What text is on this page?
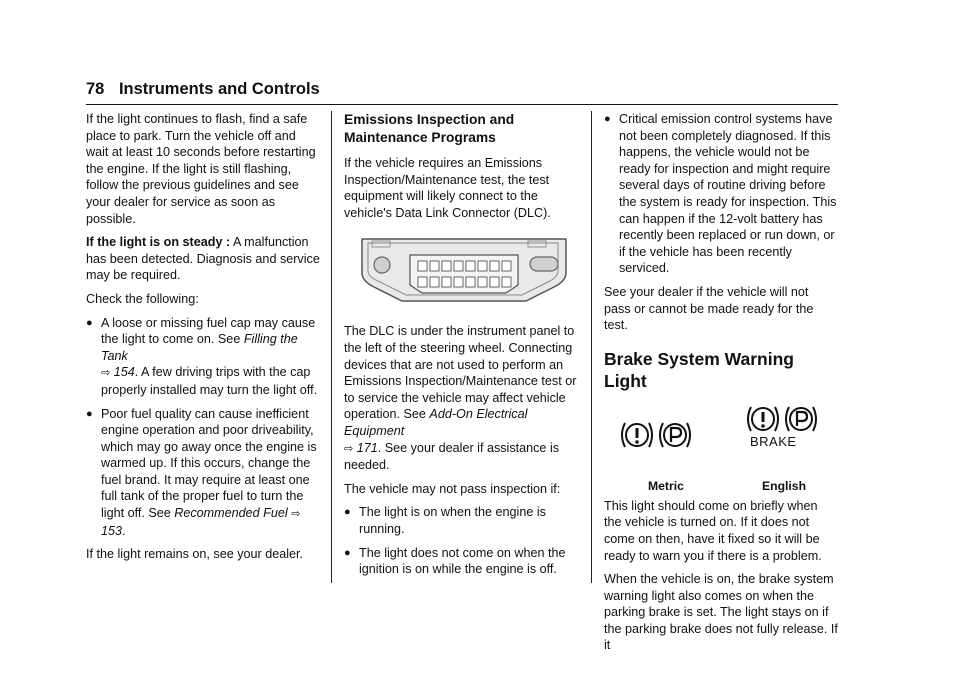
78 Instruments and Controls

If the light continues to flash, find a safe place to park. Turn the vehicle off and wait at least 10 seconds before restarting the engine. If the light is still flashing, follow the previous guidelines and see your dealer for service as soon as possible.

If the light is on steady : A malfunction has been detected. Diagnosis and service may be required.

Check the following:

● A loose or missing fuel cap may cause the light to come on. See Filling the Tank
⇨ 154. A few driving trips with the cap properly installed may turn the light off.
● Poor fuel quality can cause inefficient engine operation and poor driveability, which may go away once the engine is warmed up. If this occurs, change the fuel brand. It may require at least one full tank of the proper fuel to turn the light off. See Recommended Fuel ⇨ 153.

If the light remains on, see your dealer.

Emissions Inspection and Maintenance Programs

If the vehicle requires an Emissions Inspection/Maintenance test, the test equipment will likely connect to the vehicle's Data Link Connector (DLC).

The DLC is under the instrument panel to the left of the steering wheel. Connecting devices that are not used to perform an Emissions Inspection/Maintenance test or to service the vehicle may affect vehicle operation. See Add-On Electrical Equipment
⇨ 171. See your dealer if assistance is needed.

The vehicle may not pass inspection if:

● The light is on when the engine is running.
● The light does not come on when the ignition is on while the engine is off.
● Critical emission control systems have not been completely diagnosed. If this happens, the vehicle would not be ready for inspection and might require several days of routine driving before the system is ready for inspection. This can happen if the 12-volt battery has recently been replaced or run down, or if the vehicle has been recently serviced.

See your dealer if the vehicle will not pass or cannot be made ready for the test.

Brake System Warning Light
BRAKE
Metric	English

This light should come on briefly when the vehicle is turned on. If it does not come on then, have it fixed so it will be ready to warn you if there is a problem.

When the vehicle is on, the brake system warning light also comes on when the parking brake is set. The light stays on if the parking brake does not fully release. If it
